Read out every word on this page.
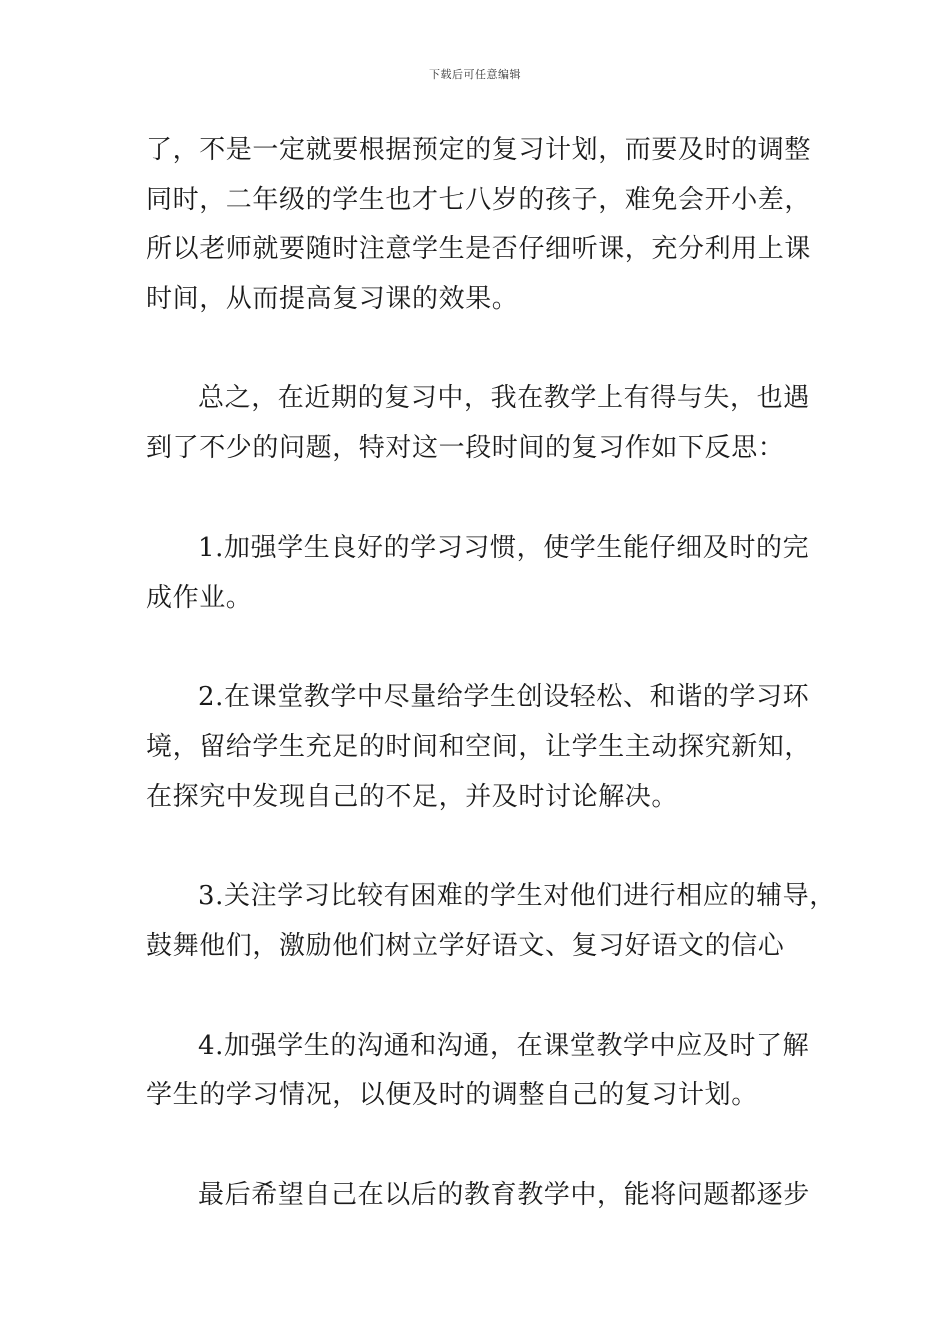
下载后可任意编辑
了，不是一定就要根据预定的复习计划，而要及时的调整
同时，二年级的学生也才七八岁的孩子，难免会开小差，
所以老师就要随时注意学生是否仔细听课，充分利用上课
时间，从而提高复习课的效果。
总之，在近期的复习中，我在教学上有得与失，也遇
到了不少的问题，特对这一段时间的复习作如下反思：
1.加强学生良好的学习习惯，使学生能仔细及时的完
成作业。
2.在课堂教学中尽量给学生创设轻松、和谐的学习环
境，留给学生充足的时间和空间，让学生主动探究新知，
在探究中发现自己的不足，并及时讨论解决。
3.关注学习比较有困难的学生对他们进行相应的辅导，
鼓舞他们，激励他们树立学好语文、复习好语文的信心
4.加强学生的沟通和沟通，在课堂教学中应及时了解
学生的学习情况，以便及时的调整自己的复习计划。
最后希望自己在以后的教育教学中，能将问题都逐步
